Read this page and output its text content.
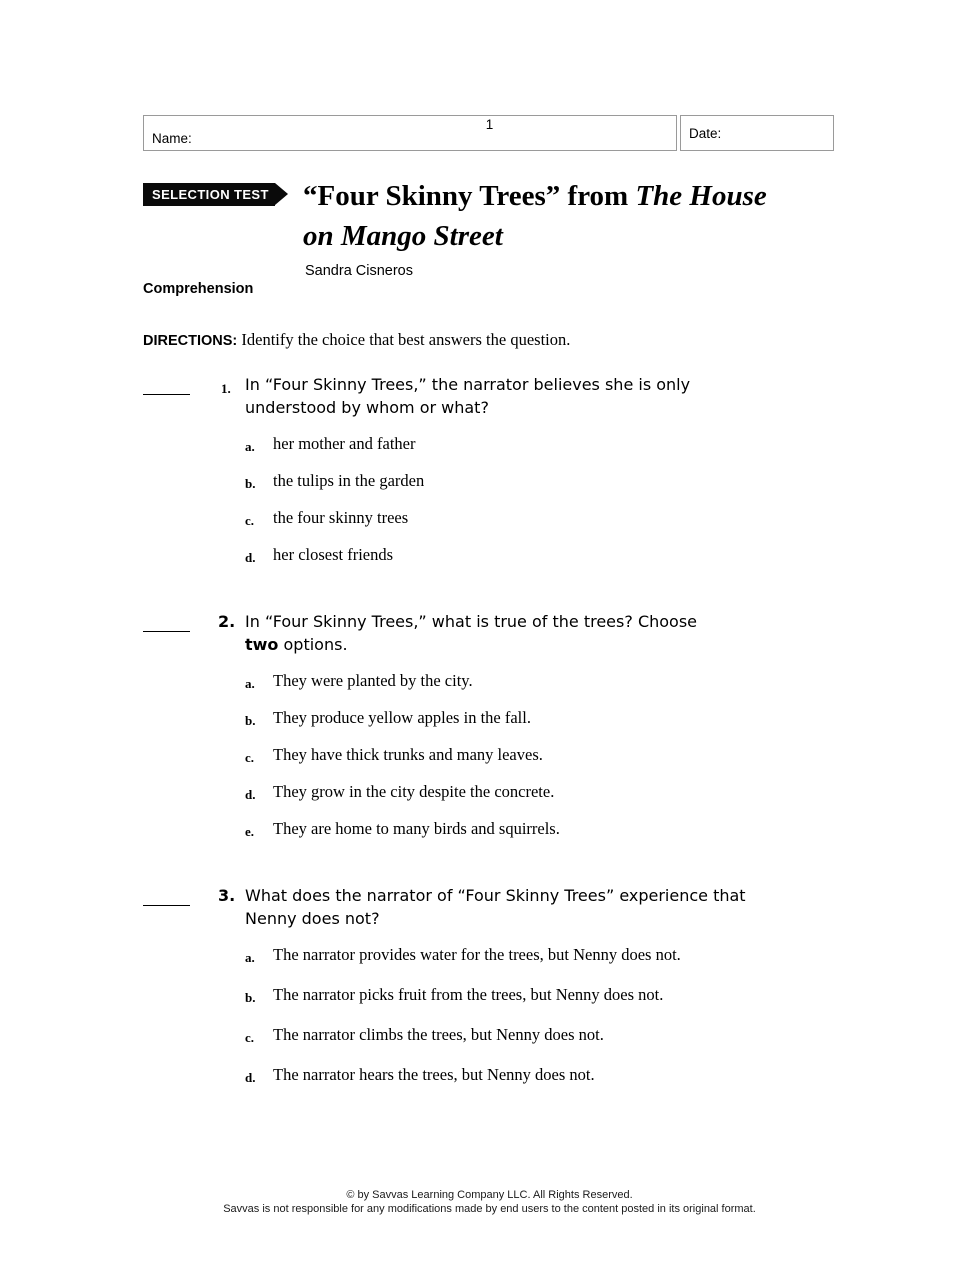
1
Name:	Date:
SELECTION TEST “Four Skinny Trees” from The House on Mango Street
Sandra Cisneros
Comprehension

DIRECTIONS: Identify the choice that best answers the question.

1. In “Four Skinny Trees,” the narrator believes she is only understood by whom or what?
a.	her mother and father
b.	the tulips in the garden
c.	the four skinny trees
d.	her closest friends
2. In “Four Skinny Trees,” what is true of the trees? Choose
two options.
a.	They were planted by the city.
b.	They produce yellow apples in the fall.
c.	They have thick trunks and many leaves.
d.	They grow in the city despite the concrete.
e.	They are home to many birds and squirrels.
3. What does the narrator of “Four Skinny Trees” experience that Nenny does not?
a.	The narrator provides water for the trees, but Nenny does not.
b.	The narrator picks fruit from the trees, but Nenny does not.
c.	The narrator climbs the trees, but Nenny does not.
d.	The narrator hears the trees, but Nenny does not.
© by Savvas Learning Company LLC. All Rights Reserved.
Savvas is not responsible for any modifications made by end users to the content posted in its original format.
